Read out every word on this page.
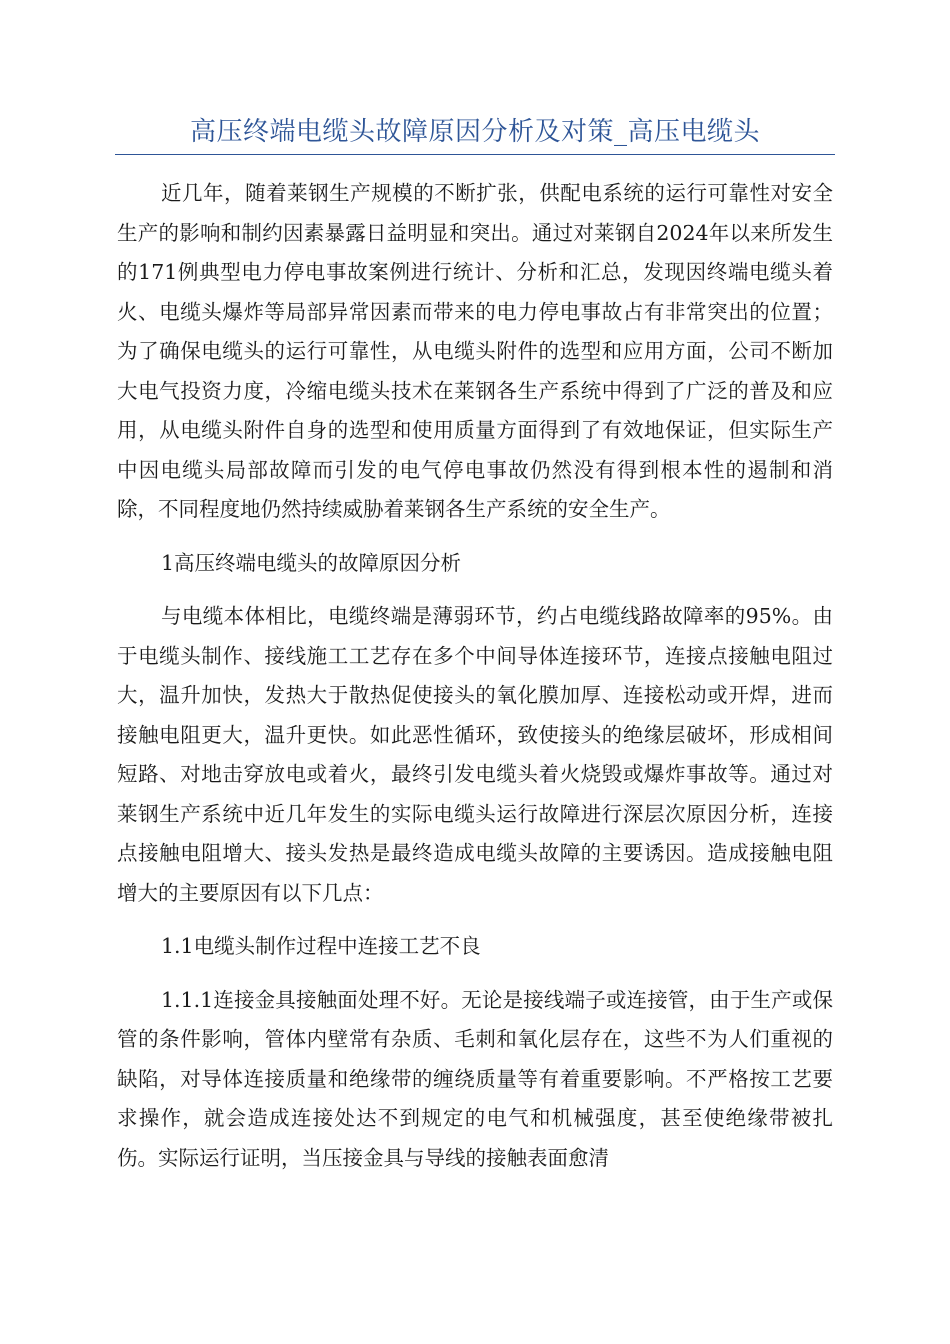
高压终端电缆头故障原因分析及对策_高压电缆头

近几年，随着莱钢生产规模的不断扩张，供配电系统的运行可靠性对安全生产的影响和制约因素暴露日益明显和突出。通过对莱钢自2024年以来所发生的171例典型电力停电事故案例进行统计、分析和汇总，发现因终端电缆头着火、电缆头爆炸等局部异常因素而带来的电力停电事故占有非常突出的位置；为了确保电缆头的运行可靠性，从电缆头附件的选型和应用方面，公司不断加大电气投资力度，冷缩电缆头技术在莱钢各生产系统中得到了广泛的普及和应用，从电缆头附件自身的选型和使用质量方面得到了有效地保证，但实际生产中因电缆头局部故障而引发的电气停电事故仍然没有得到根本性的遏制和消除，不同程度地仍然持续威胁着莱钢各生产系统的安全生产。

1高压终端电缆头的故障原因分析

与电缆本体相比，电缆终端是薄弱环节，约占电缆线路故障率的95%。由于电缆头制作、接线施工工艺存在多个中间导体连接环节，连接点接触电阻过大，温升加快，发热大于散热促使接头的氧化膜加厚、连接松动或开焊，进而接触电阻更大，温升更快。如此恶性循环，致使接头的绝缘层破坏，形成相间短路、对地击穿放电或着火，最终引发电缆头着火烧毁或爆炸事故等。通过对莱钢生产系统中近几年发生的实际电缆头运行故障进行深层次原因分析，连接点接触电阻增大、接头发热是最终造成电缆头故障的主要诱因。造成接触电阻增大的主要原因有以下几点：

1.1电缆头制作过程中连接工艺不良

1.1.1连接金具接触面处理不好。无论是接线端子或连接管，由于生产或保管的条件影响，管体内壁常有杂质、毛刺和氧化层存在，这些不为人们重视的缺陷，对导体连接质量和绝缘带的缠绕质量等有着重要影响。不严格按工艺要求操作，就会造成连接处达不到规定的电气和机械强度，甚至使绝缘带被扎伤。实际运行证明，当压接金具与导线的接触表面愈清
